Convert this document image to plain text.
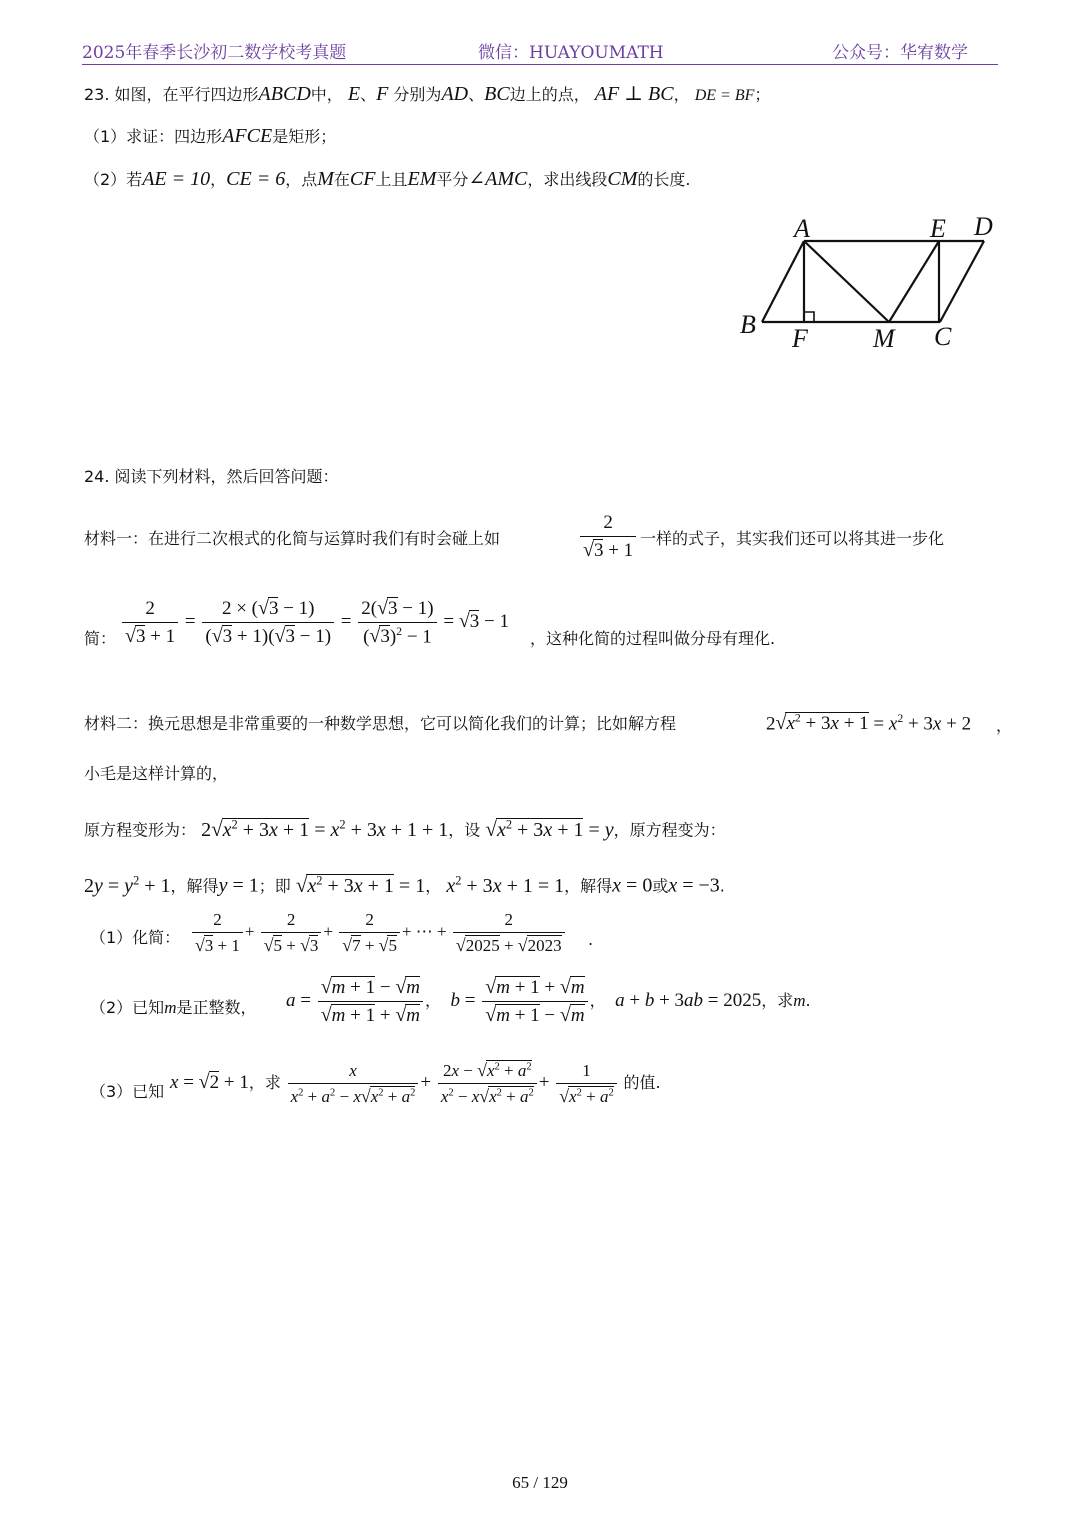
2025年春季长沙初二数学校考真题	微信：HUAYOUMATH	公众号：华宥数学
23. 如图，在平行四边形ABCD中， E、F 分别为AD、BC边上的点， AF ⊥ BC， DE = BF；
（1）求证：四边形AFCE是矩形；
（2）若AE = 10，CE = 6，点M在CF上且EM平分∠AMC，求出线段CM的长度.
A	E D
B F	M C
24. 阅读下列材料，然后回答问题：
材料一：在进行二次根式的化简与运算时我们有时会碰上如	$\frac{2}{√3 + 1}$ 一样的式子，其实我们还可以将其进一步化
简： $\frac{2}{√3 + 1} = \frac{2 \times (√3 - 1)}{(√3 + 1)(√3 - 1)} = \frac{2(√3 - 1)}{(√3)^2 - 1} = √3 - 1$
，这种化简的过程叫做分母有理化.
材料二：换元思想是非常重要的一种数学思想，它可以简化我们的计算；比如解方程	$2√x^2 + 3x + 1 = x^2 + 3x + 2$ ，
小毛是这样计算的，
原方程变形为： $2√x^2 + 3x + 1 = x^2 + 3x + 1 + 1$，设 $√x^2 + 3x + 1 = y$，原方程变为：
$2y = y^2 + 1$，解得y = 1；即 $√x^2 + 3x + 1 = 1$， $x^2 + 3x + 1 = 1$，解得x = 0或x = −3.
（1）化简： $\frac{2}{√3 + 1} + \frac{2}{√5 + √3} + \frac{2}{√7 + √5}$ + ⋯ + $\frac{2}{√2025 + √2023}$ .
（2）已知m是正整数， $a = \frac{√m + 1 - √m}{√m + 1 + √m}$ ， $b = \frac{√m + 1 + √m}{√m + 1 - √m}$ ， a + b + 3ab = 2025，求m.
（3）已知 x = √2 + 1，求 $\frac{x}{x^2 + a^2 - x√x^2 + a^2} + \frac{2x - √x^2 + a^2}{x^2 - x√x^2 + a^2} + \frac{1}{√x^2 + a^2}$ 的值.
65 / 129
